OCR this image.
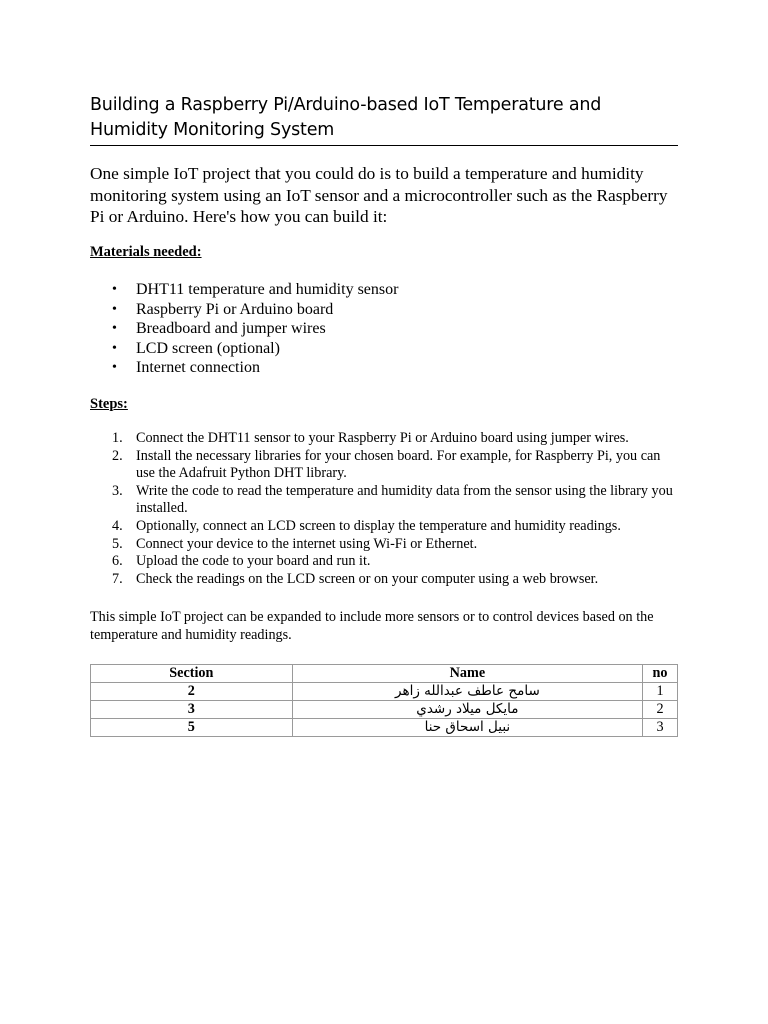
Building a Raspberry Pi/Arduino-based IoT Temperature and Humidity Monitoring System

One simple IoT project that you could do is to build a temperature and humidity monitoring system using an IoT sensor and a microcontroller such as the Raspberry Pi or Arduino. Here's how you can build it:

Materials needed:

• DHT11 temperature and humidity sensor
• Raspberry Pi or Arduino board
• Breadboard and jumper wires
• LCD screen (optional)
• Internet connection

Steps:

1. Connect the DHT11 sensor to your Raspberry Pi or Arduino board using jumper wires.
2. Install the necessary libraries for your chosen board. For example, for Raspberry Pi, you can use the Adafruit Python DHT library.
3. Write the code to read the temperature and humidity data from the sensor using the library you installed.
4. Optionally, connect an LCD screen to display the temperature and humidity readings.
5. Connect your device to the internet using Wi-Fi or Ethernet.
6. Upload the code to your board and run it.
7. Check the readings on the LCD screen or on your computer using a web browser.

This simple IoT project can be expanded to include more sensors or to control devices based on the temperature and humidity readings.

Section	Name	no
2	سامح عاطف عبدالله زاهر	1
3	مايكل ميلاد رشدي	2
5	نبيل اسحاق حنا	3
